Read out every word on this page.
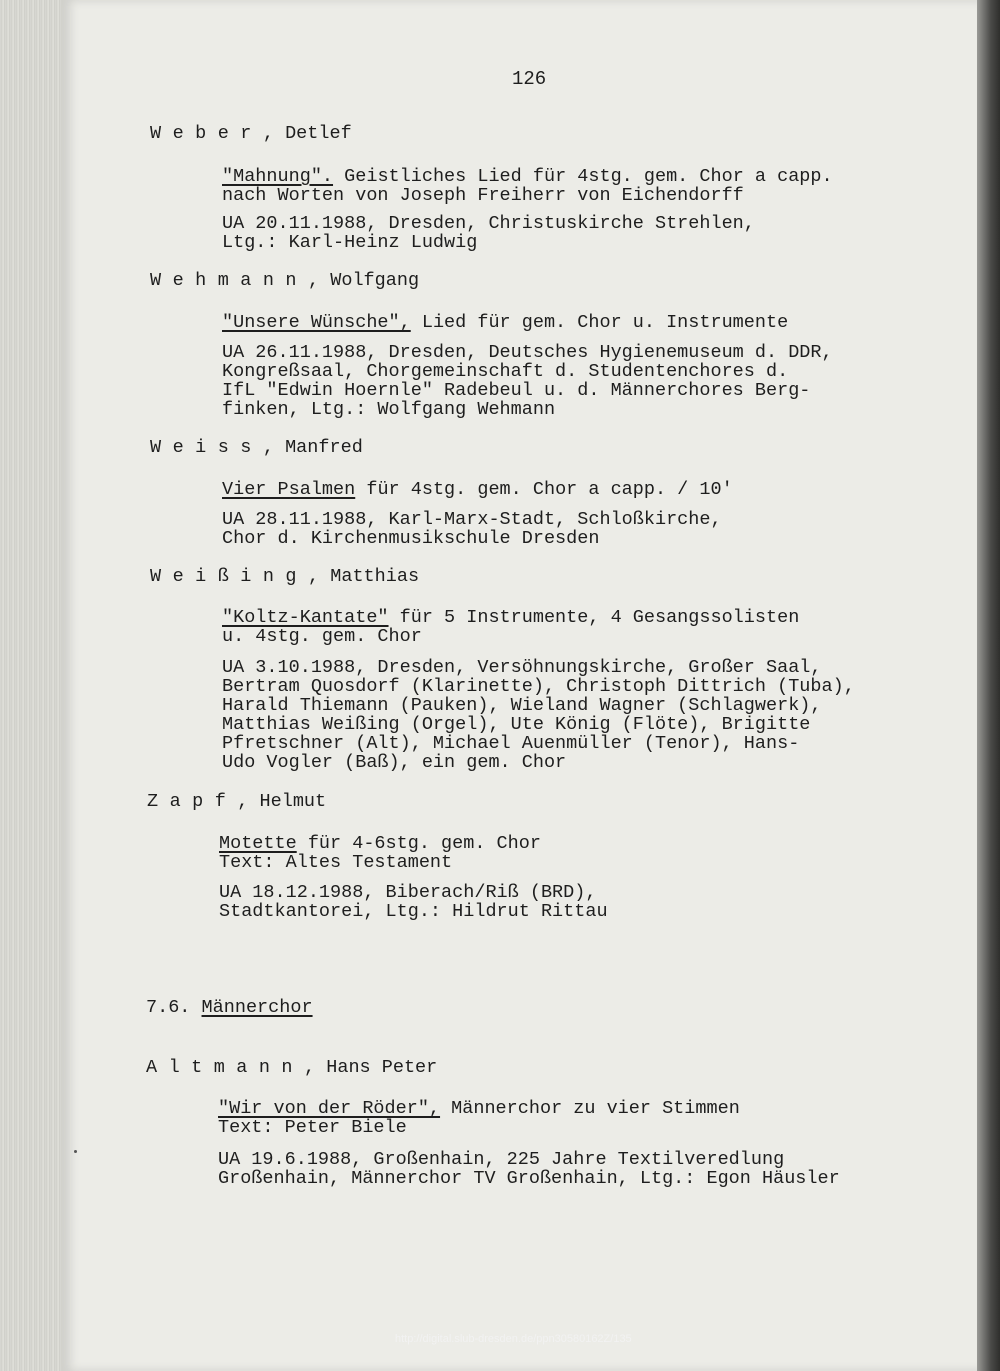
126
Weber, Detlef
"Mahnung". Geistliches Lied für 4stg. gem. Chor a capp.
nach Worten von Joseph Freiherr von Eichendorff
UA 20.11.1988, Dresden, Christuskirche Strehlen,
Ltg.: Karl-Heinz Ludwig
Wehmann, Wolfgang
"Unsere Wünsche", Lied für gem. Chor u. Instrumente
UA 26.11.1988, Dresden, Deutsches Hygienemuseum d. DDR,
Kongreßsaal, Chorgemeinschaft d. Studentenchores d.
IfL "Edwin Hoernle" Radebeul u. d. Männerchores Berg-
finken, Ltg.: Wolfgang Wehmann
Weiss, Manfred
Vier Psalmen für 4stg. gem. Chor a capp. / 10'
UA 28.11.1988, Karl-Marx-Stadt, Schloßkirche,
Chor d. Kirchenmusikschule Dresden
Weißing, Matthias
"Koltz-Kantate" für 5 Instrumente, 4 Gesangssolisten
u. 4stg. gem. Chor
UA 3.10.1988, Dresden, Versöhnungskirche, Großer Saal,
Bertram Quosdorf (Klarinette), Christoph Dittrich (Tuba),
Harald Thiemann (Pauken), Wieland Wagner (Schlagwerk),
Matthias Weißing (Orgel), Ute König (Flöte), Brigitte
Pfretschner (Alt), Michael Auenmüller (Tenor), Hans-
Udo Vogler (Baß), ein gem. Chor
Zapf, Helmut
Motette für 4-6stg. gem. Chor
Text: Altes Testament
UA 18.12.1988, Biberach/Riß (BRD),
Stadtkantorei, Ltg.: Hildrut Rittau
7.6. Männerchor
Altmann, Hans Peter
"Wir von der Röder", Männerchor zu vier Stimmen
Text: Peter Biele
UA 19.6.1988, Großenhain, 225 Jahre Textilveredlung
Großenhain, Männerchor TV Großenhain, Ltg.: Egon Häusler
http://digital.slub-dresden.de/ppn30580162Z/135
